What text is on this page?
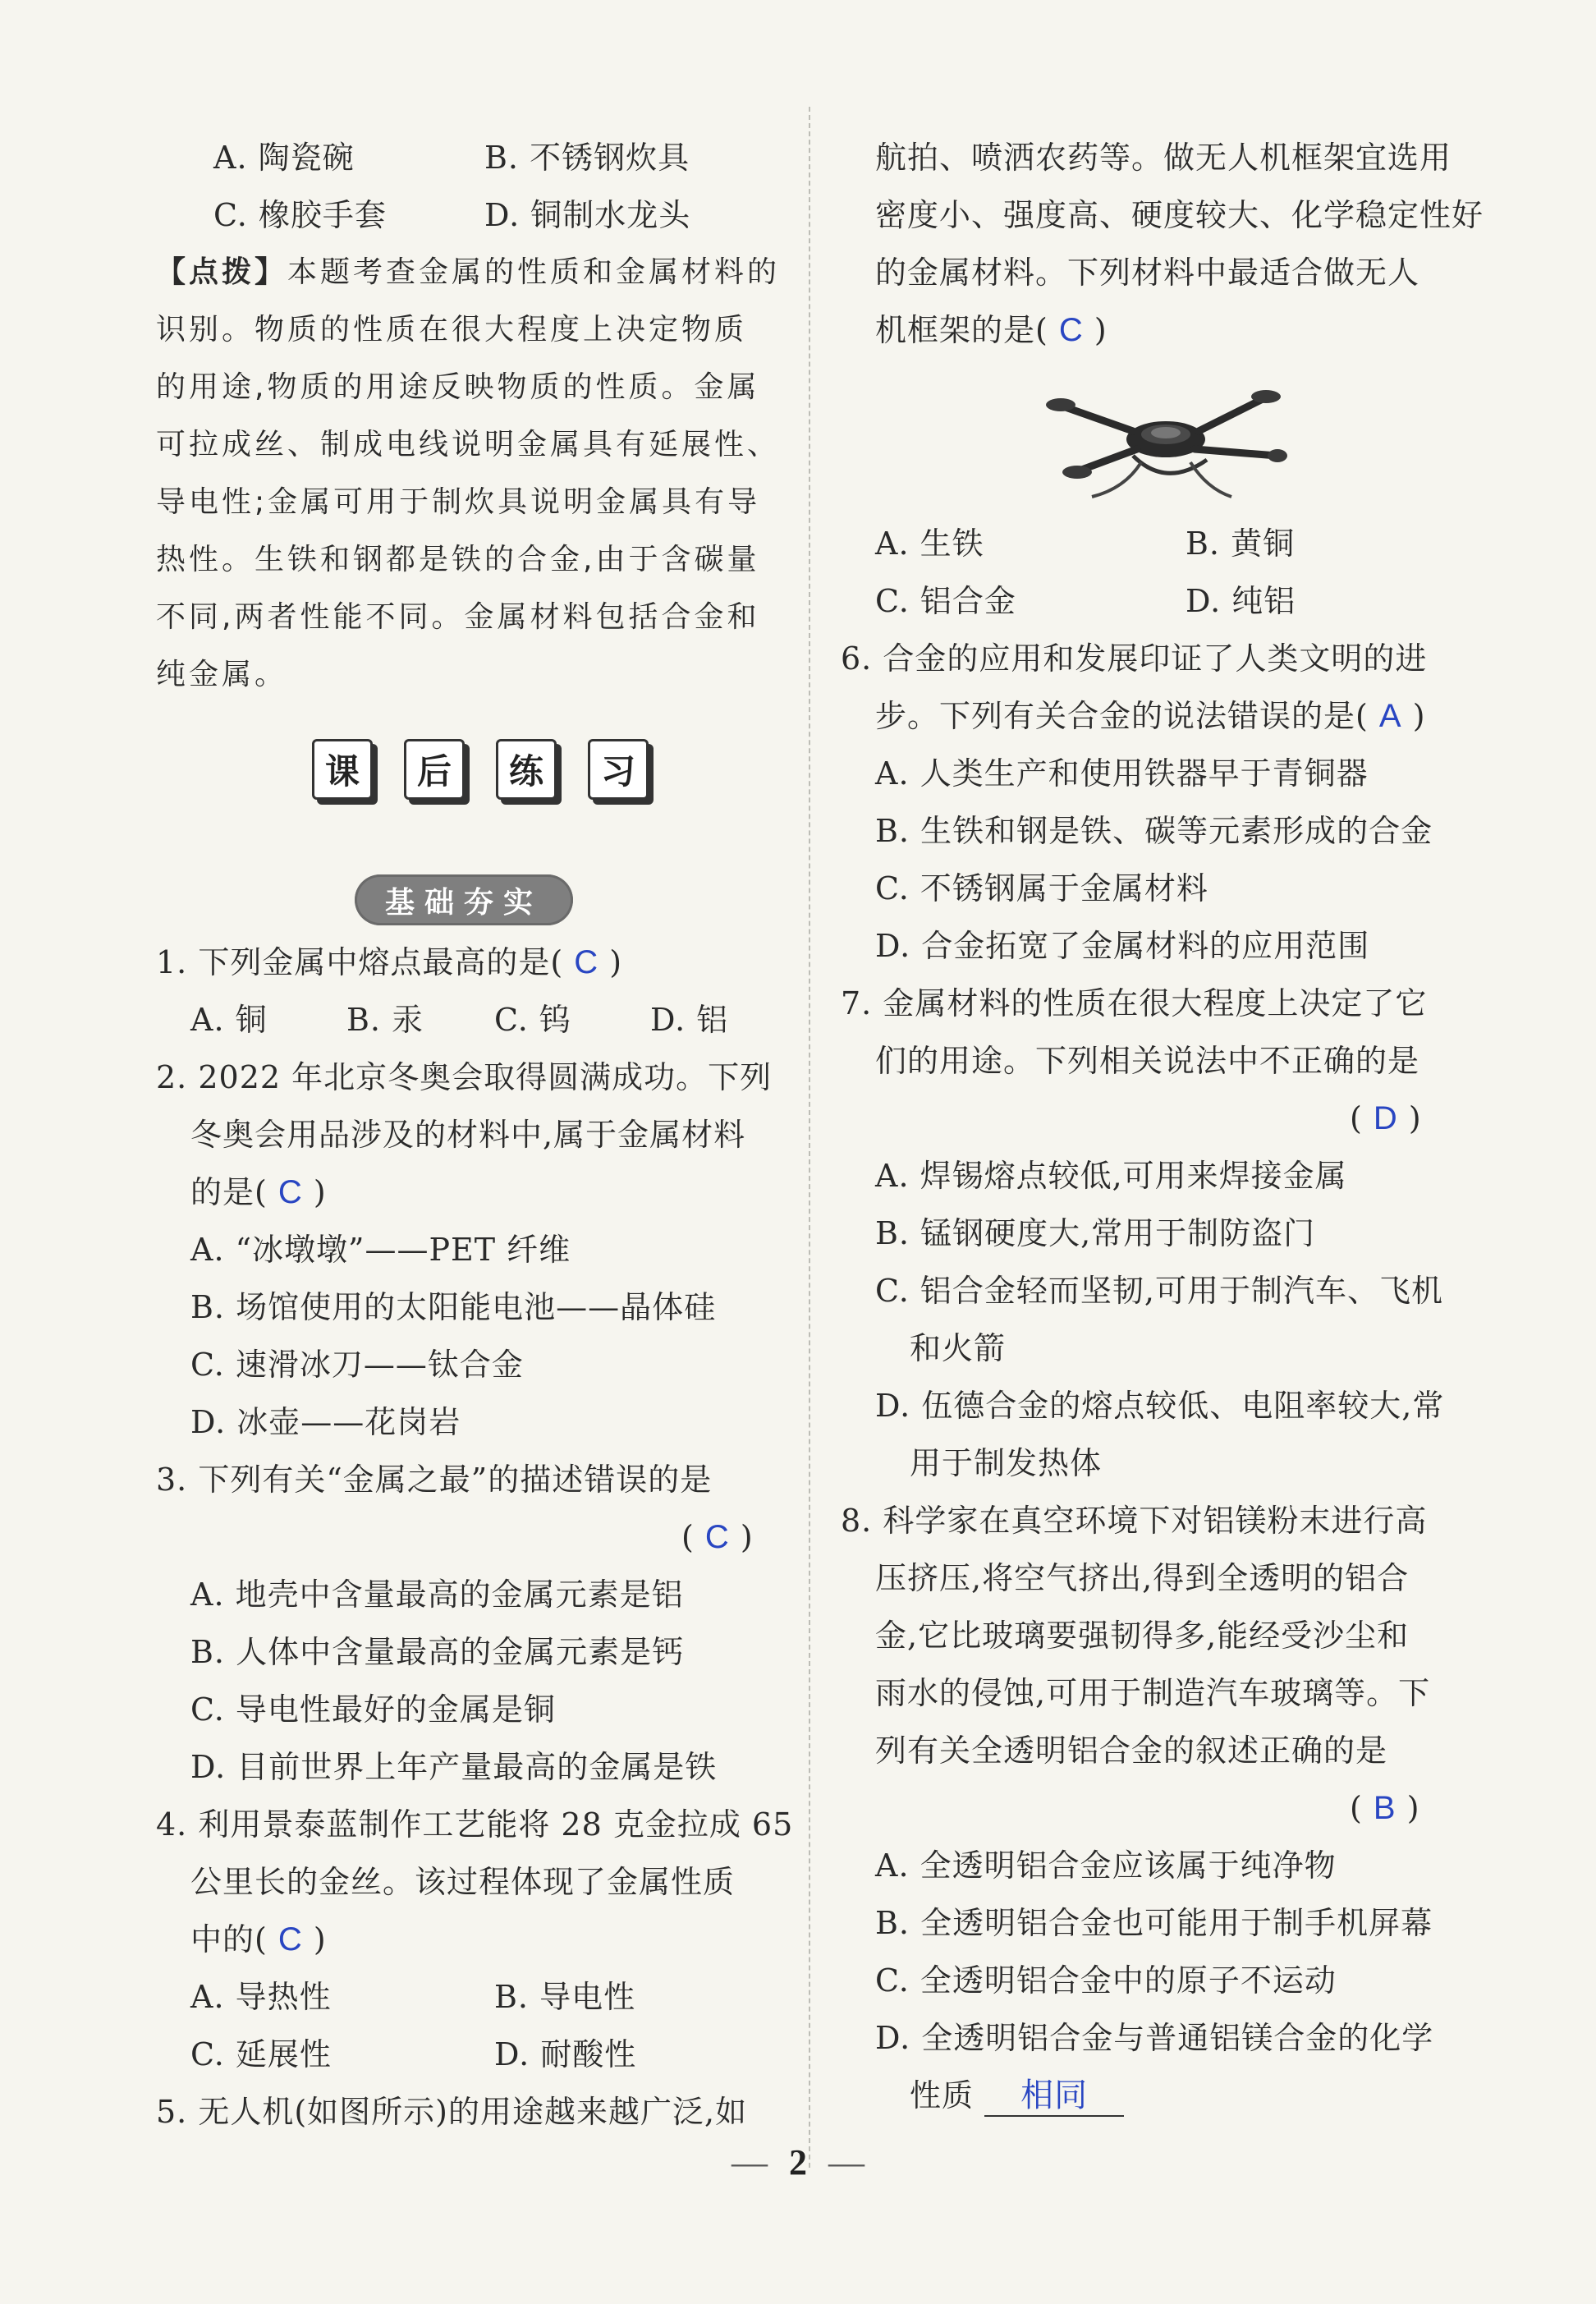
A. 陶瓷碗	B. 不锈钢炊具
C. 橡胶手套	D. 铜制水龙头
【点拨】本题考查金属的性质和金属材料的
识别。物质的性质在很大程度上决定物质
的用途,物质的用途反映物质的性质。金属
可拉成丝、制成电线说明金属具有延展性、
导电性;金属可用于制炊具说明金属具有导
热性。生铁和钢都是铁的合金,由于含碳量
不同,两者性能不同。金属材料包括合金和
纯金属。
课	后	练	习
基础夯实
1. 下列金属中熔点最高的是( C )
A. 铜	B. 汞 C. 钨	D. 铝
2. 2022 年北京冬奥会取得圆满成功。下列
冬奥会用品涉及的材料中,属于金属材料
的是( C )
A. “冰墩墩”——PET 纤维
B. 场馆使用的太阳能电池——晶体硅
C. 速滑冰刀——钛合金
D. 冰壶——花岗岩
3. 下列有关“金属之最”的描述错误的是
( C )
A. 地壳中含量最高的金属元素是铝
B. 人体中含量最高的金属元素是钙
C. 导电性最好的金属是铜
D. 目前世界上年产量最高的金属是铁
4. 利用景泰蓝制作工艺能将 28 克金拉成 65
公里长的金丝。该过程体现了金属性质
中的( C )
A. 导热性	B. 导电性
C. 延展性	D. 耐酸性
5. 无人机(如图所示)的用途越来越广泛,如
航拍、喷洒农药等。做无人机框架宜选用
密度小、强度高、硬度较大、化学稳定性好
的金属材料。下列材料中最适合做无人
机框架的是( C )
A. 生铁	B. 黄铜
C. 铝合金	D. 纯铝
6. 合金的应用和发展印证了人类文明的进
步。下列有关合金的说法错误的是( A )
A. 人类生产和使用铁器早于青铜器
B. 生铁和钢是铁、碳等元素形成的合金
C. 不锈钢属于金属材料
D. 合金拓宽了金属材料的应用范围
7. 金属材料的性质在很大程度上决定了它
们的用途。下列相关说法中不正确的是
( D )
A. 焊锡熔点较低,可用来焊接金属
B. 锰钢硬度大,常用于制防盗门
C. 铝合金轻而坚韧,可用于制汽车、飞机
和火箭
D. 伍德合金的熔点较低、电阻率较大,常
用于制发热体
8. 科学家在真空环境下对铝镁粉末进行高
压挤压,将空气挤出,得到全透明的铝合
金,它比玻璃要强韧得多,能经受沙尘和
雨水的侵蚀,可用于制造汽车玻璃等。下
列有关全透明铝合金的叙述正确的是
( B )
A. 全透明铝合金应该属于纯净物
B. 全透明铝合金也可能用于制手机屏幕
C. 全透明铝合金中的原子不运动
D. 全透明铝合金与普通铝镁合金的化学
性质 相同
— 2 —
